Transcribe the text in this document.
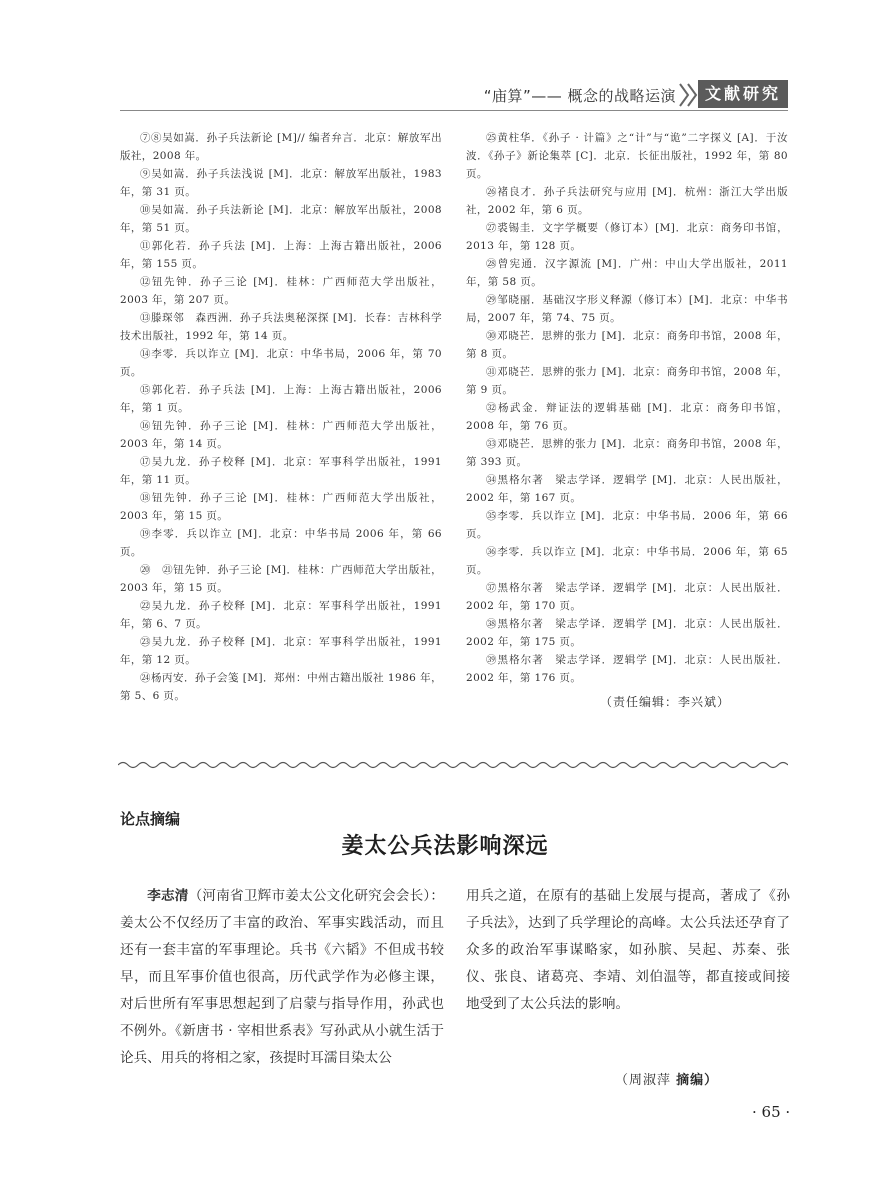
“庙算”—— 概念的战略运演	文献研究
⑦⑧吴如嵩．孙子兵法新论 [M]// 编者弁言．北京：解放军出版社，2008 年。
⑨吴如嵩．孙子兵法浅说 [M]．北京：解放军出版社，1983 年，第 31 页。
⑩吴如嵩．孙子兵法新论 [M]．北京：解放军出版社，2008 年，第 51 页。
⑪郭化若．孙子兵法 [M]．上海：上海古籍出版社，2006 年，第 155 页。
⑫钮先钟．孙子三论 [M]．桂林：广西师范大学出版社，2003 年，第 207 页。
⑬滕琛邻　森西洲．孙子兵法奥秘深探 [M]．长春：吉林科学技术出版社，1992 年，第 14 页。
⑭李零．兵以诈立 [M]．北京：中华书局，2006 年，第 70 页。
⑮郭化若．孙子兵法 [M]．上海：上海古籍出版社，2006 年，第 1 页。
⑯钮先钟．孙子三论 [M]．桂林：广西师范大学出版社，2003 年，第 14 页。
⑰吴九龙．孙子校释 [M]．北京：军事科学出版社，1991 年，第 11 页。
⑱钮先钟．孙子三论 [M]．桂林：广西师范大学出版社，2003 年，第 15 页。
⑲李零．兵以诈立 [M]．北京：中华书局 2006 年，第 66 页。
⑳　㉑钮先钟．孙子三论 [M]．桂林：广西师范大学出版社，2003 年，第 15 页。
㉒吴九龙．孙子校释 [M]．北京：军事科学出版社，1991 年，第 6、7 页。
㉓吴九龙．孙子校释 [M]．北京：军事科学出版社，1991 年，第 12 页。
㉔杨丙安．孙子会笺 [M]．郑州：中州古籍出版社 1986 年，第 5、6 页。
㉕黄柱华．《孙子 · 计篇》之“计”与“诡”二字探义 [A]．于汝波．《孙子》新论集萃 [C]．北京．长征出版社，1992 年，第 80 页。
㉖褚良才．孙子兵法研究与应用 [M]．杭州：浙江大学出版社，2002 年，第 6 页。
㉗裘锡圭．文字学概要（修订本）[M]．北京：商务印书馆，2013 年，第 128 页。
㉘曾宪通．汉字源流 [M]．广州：中山大学出版社，2011 年，第 58 页。
㉙邹晓丽．基础汉字形义释源（修订本）[M]．北京：中华书局，2007 年，第 74、75 页。
㉚邓晓芒．思辨的张力 [M]．北京：商务印书馆，2008 年，第 8 页。
㉛邓晓芒．思辨的张力 [M]．北京：商务印书馆，2008 年，第 9 页。
㉜杨武金．辩证法的逻辑基础 [M]．北京：商务印书馆，2008 年，第 76 页。
㉝邓晓芒．思辨的张力 [M]．北京：商务印书馆，2008 年，第 393 页。
㉞黑格尔著　梁志学译．逻辑学 [M]．北京：人民出版社，2002 年，第 167 页。
㉟李零．兵以诈立 [M]．北京：中华书局．2006 年，第 66 页。
㊱李零．兵以诈立 [M]．北京：中华书局．2006 年，第 65 页。
㊲黑格尔著　梁志学译．逻辑学 [M]．北京：人民出版社．2002 年，第 170 页。
㊳黑格尔著　梁志学译．逻辑学 [M]．北京：人民出版社．2002 年，第 175 页。
㊴黑格尔著　梁志学译．逻辑学 [M]．北京：人民出版社．2002 年，第 176 页。
（责任编辑：李兴斌）
论点摘编
姜太公兵法影响深远

李志清（河南省卫辉市姜太公文化研究会会长）：姜太公不仅经历了丰富的政治、军事实践活动，而且还有一套丰富的军事理论。兵书《六韬》不但成书较早，而且军事价值也很高，历代武学作为必修主课，对后世所有军事思想起到了启蒙与指导作用，孙武也不例外。《新唐书 · 宰相世系表》写孙武从小就生活于论兵、用兵的将相之家，孩提时耳濡目染太公

用兵之道，在原有的基础上发展与提高，著成了《孙子兵法》，达到了兵学理论的高峰。太公兵法还孕育了众多的政治军事谋略家，如孙膑、吴起、苏秦、张仪、张良、诸葛亮、李靖、刘伯温等，都直接或间接地受到了太公兵法的影响。

（周淑萍 摘编）
· 65 ·
